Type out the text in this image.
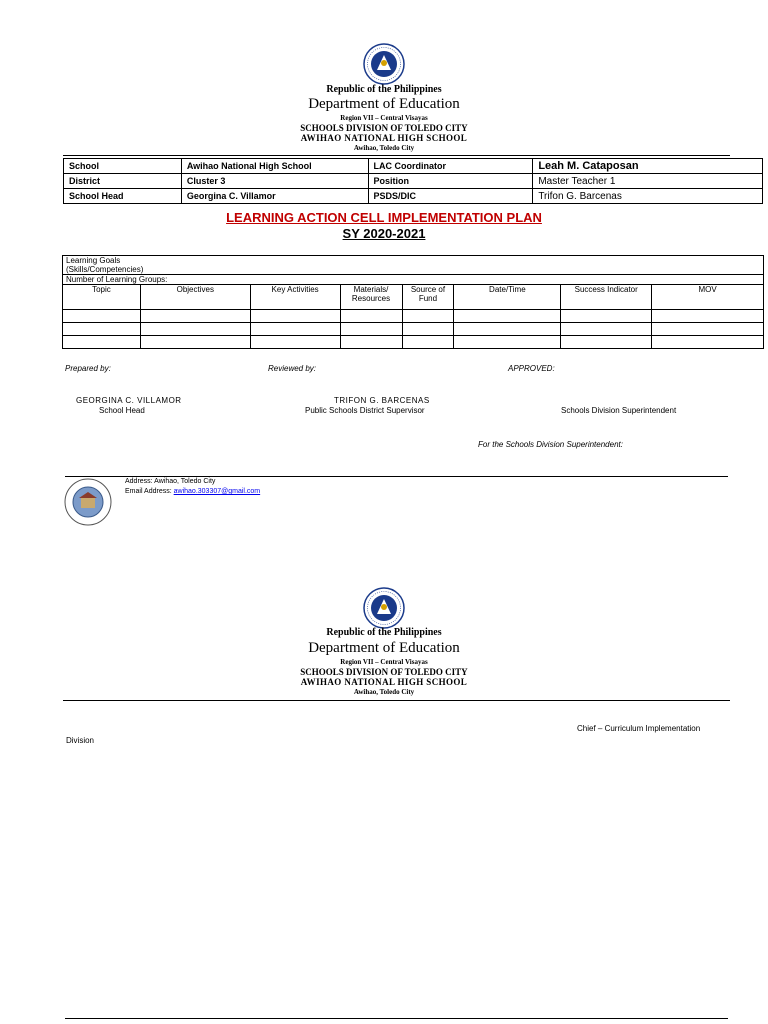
Republic of the Philippines
Department of Education
Region VII – Central Visayas
SCHOOLS DIVISION OF TOLEDO CITY
AWIHAO NATIONAL HIGH SCHOOL
Awihao, Toledo City
School	Awihao National High School	LAC Coordinator	Leah M. Cataposan
District	Cluster 3	Position	Master Teacher 1
School Head	Georgina C. Villamor	PSDS/DIC	Trifon G. Barcenas
LEARNING ACTION CELL IMPLEMENTATION PLAN
SY 2020-2021
Learning Goals
(Skills/Competencies)							
Number of Learning Groups:							
Topic	Objectives	Key Activities	Materials/ Resources	Source of Fund	Date/Time	Success Indicator	MOV

Prepared by:	Reviewed by:	APPROVED:
GEORGINA C. VILLAMOR
School Head
TRIFON G. BARCENAS
Public Schools District Supervisor	Schools Division Superintendent
For the Schools Division Superintendent:
Address: Awihao, Toledo City
Email Address: awihao.303307@gmail.com
Republic of the Philippines
Department of Education
Region VII – Central Visayas
SCHOOLS DIVISION OF TOLEDO CITY
AWIHAO NATIONAL HIGH SCHOOL
Awihao, Toledo City
Chief – Curriculum Implementation
Division
